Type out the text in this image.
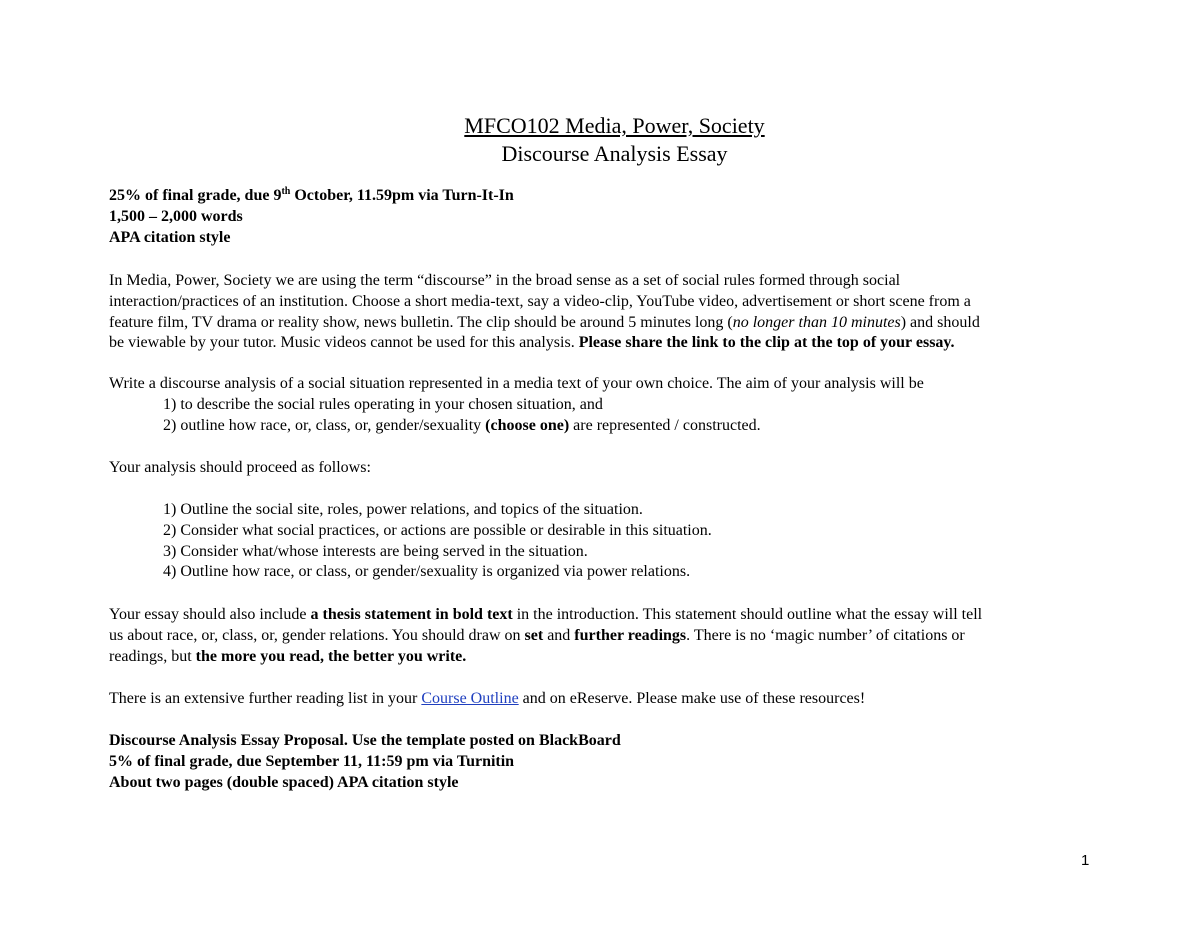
MFCO102 Media, Power, Society
Discourse Analysis Essay
25% of final grade, due 9th October, 11.59pm via Turn-It-In
1,500 – 2,000 words
APA citation style
In Media, Power, Society we are using the term “discourse” in the broad sense as a set of social rules formed through social
interaction/practices of an institution. Choose a short media-text, say a video-clip, YouTube video, advertisement or short scene from a
feature film, TV drama or reality show, news bulletin. The clip should be around 5 minutes long (no longer than 10 minutes) and should
be viewable by your tutor. Music videos cannot be used for this analysis. Please share the link to the clip at the top of your essay.
Write a discourse analysis of a social situation represented in a media text of your own choice. The aim of your analysis will be
1) to describe the social rules operating in your chosen situation, and
2) outline how race, or, class, or, gender/sexuality (choose one) are represented / constructed.
Your analysis should proceed as follows:
1) Outline the social site, roles, power relations, and topics of the situation.
2) Consider what social practices, or actions are possible or desirable in this situation.
3) Consider what/whose interests are being served in the situation.
4) Outline how race, or class, or gender/sexuality is organized via power relations.
Your essay should also include a thesis statement in bold text in the introduction. This statement should outline what the essay will tell
us about race, or, class, or, gender relations. You should draw on set and further readings. There is no ‘magic number’ of citations or
readings, but the more you read, the better you write.
There is an extensive further reading list in your Course Outline and on eReserve. Please make use of these resources!
Discourse Analysis Essay Proposal. Use the template posted on BlackBoard
5% of final grade, due September 11, 11:59 pm via Turnitin
About two pages (double spaced) APA citation style
1
